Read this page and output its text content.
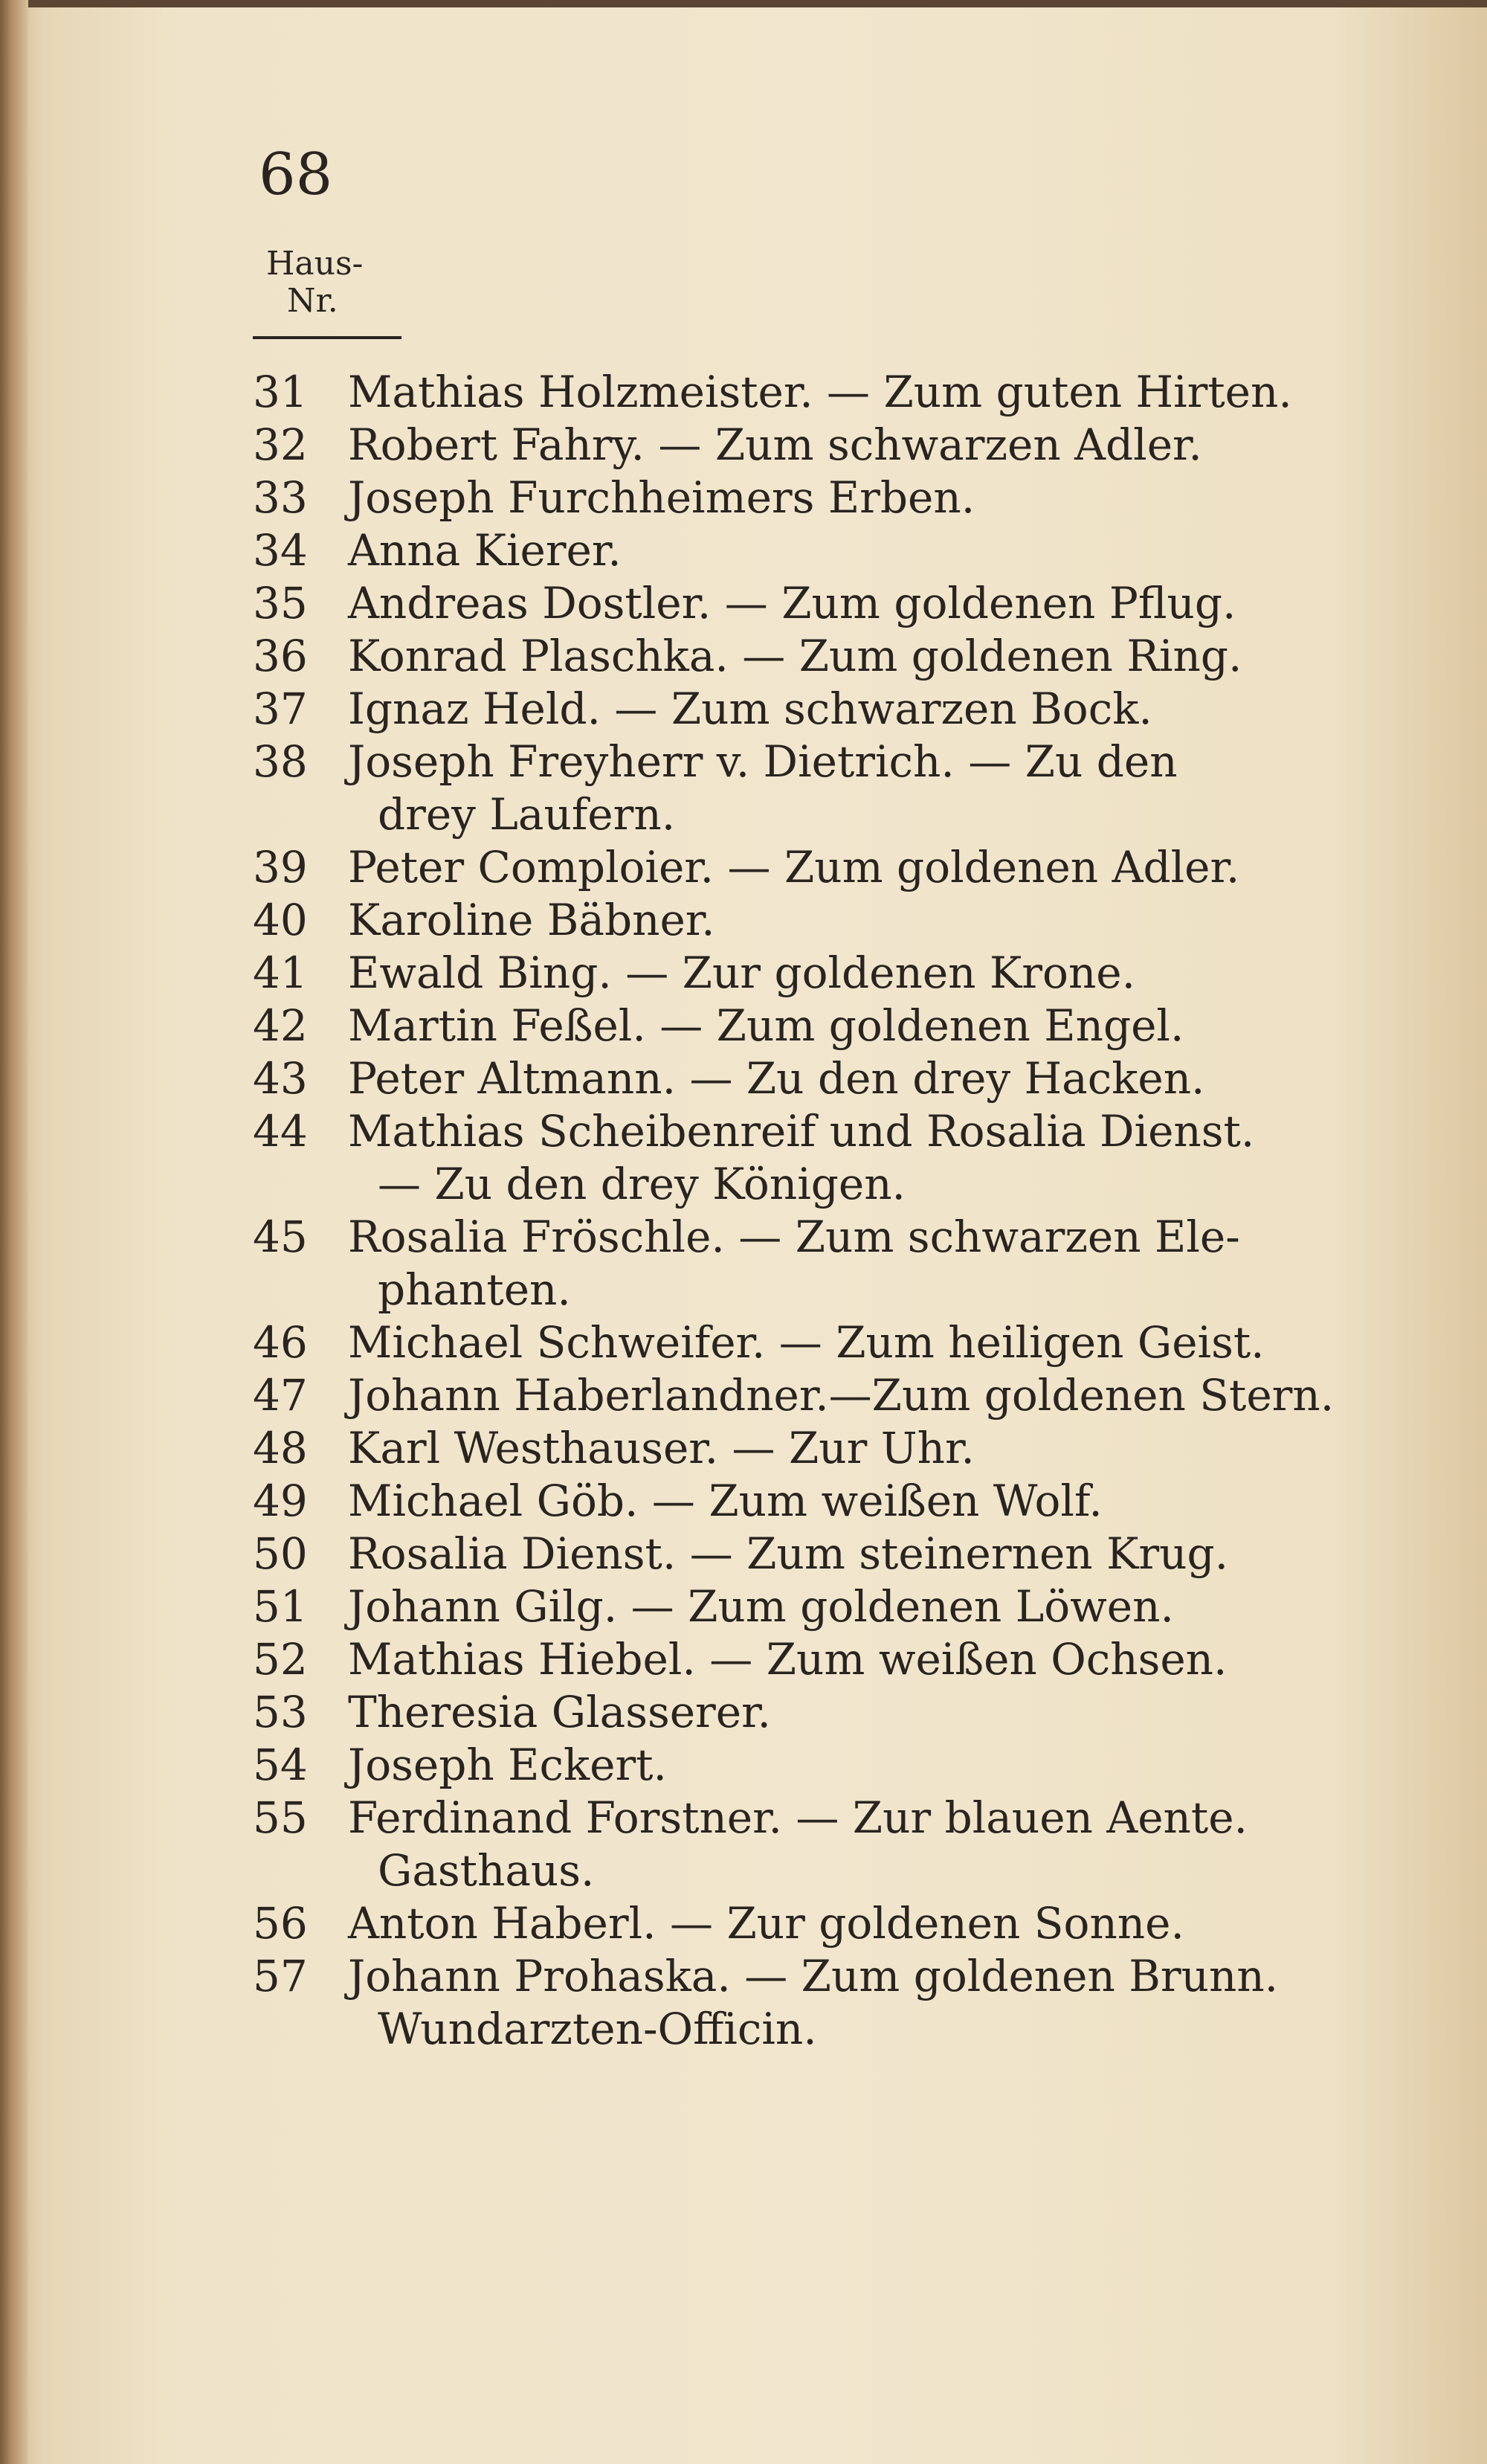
68
Haus-
Nr.
31 Mathias Holzmeister. — Zum guten Hirten.
32 Robert Fahry. — Zum schwarzen Adler.
33 Joseph Furchheimers Erben.
34 Anna Kierer.
35 Andreas Dostler. — Zum goldenen Pflug.
36 Konrad Plaschka. — Zum goldenen Ring.
37 Ignaz Held. — Zum schwarzen Bock.
38 Joseph Freyherr v. Dietrich. — Zu den
drey Laufern.
39 Peter Comploier. — Zum goldenen Adler.
40 Karoline Bäbner.
41 Ewald Bing. — Zur goldenen Krone.
42 Martin Feßel. — Zum goldenen Engel.
43 Peter Altmann. — Zu den drey Hacken.
44 Mathias Scheibenreif und Rosalia Dienst.
— Zu den drey Königen.
45 Rosalia Fröschle. — Zum schwarzen Ele-
phanten.
46 Michael Schweifer. — Zum heiligen Geist.
47 Johann Haberlandner.—Zum goldenen Stern.
48 Karl Westhauser. — Zur Uhr.
49 Michael Göb. — Zum weißen Wolf.
50 Rosalia Dienst. — Zum steinernen Krug.
51 Johann Gilg. — Zum goldenen Löwen.
52 Mathias Hiebel. — Zum weißen Ochsen.
53 Theresia Glasserer.
54 Joseph Eckert.
55 Ferdinand Forstner. — Zur blauen Aente.
Gasthaus.
56 Anton Haberl. — Zur goldenen Sonne.
57 Johann Prohaska. — Zum goldenen Brunn.
Wundarzten-Officin.
